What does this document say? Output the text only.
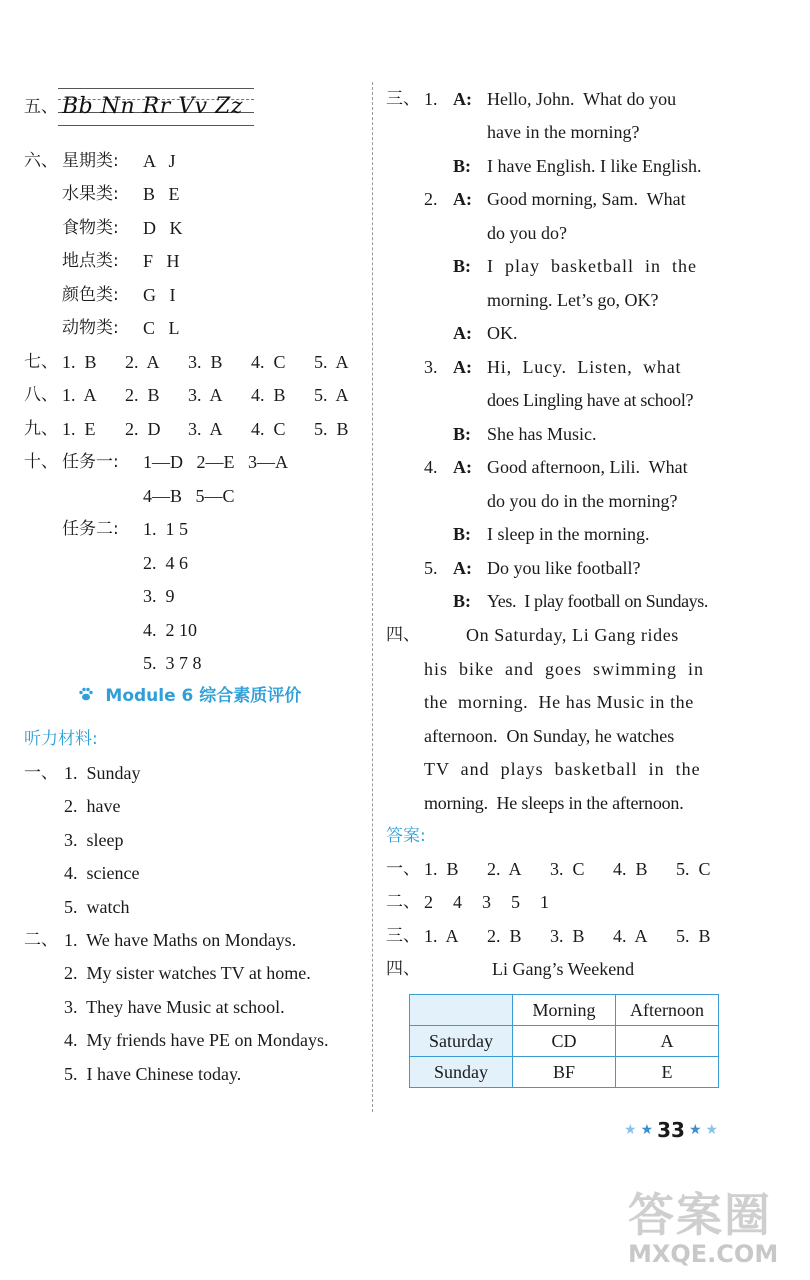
五、 Bb Nn Rr Vv Zz
六、 星期类: A   J
水果类: B   E
食物类: D   K
地点类: F   H
颜色类: G   I
动物类: C   L
七、 1.  B	2.  A	3.  B	4.  C	5.  A
八、 1.  A	2.  B	3.  A	4.  B	5.  A
九、 1.  E	2.  D	3.  A	4.  C	5.  B
十、 任务一: 1—D   2—E   3—A
4—B   5—C
任务二: 1.  1 5
2.  4 6
3.  9
4.  2 10
5.  3 7 8
Module 6 综合素质评价
听力材料:
一、 1.  Sunday
2.  have
3.  sleep
4.  science
5.  watch
二、 1.  We have Maths on Mondays.
2.  My sister watches TV at home.
3.  They have Music at school.
4.  My friends have PE on Mondays.
5.  I have Chinese today.
三、 1. A: Hello, John.  What do you
have in the morning?
B: I have English. I like English.
2. A: Good morning, Sam.  What
do you do?
B: I  play  basketball  in  the
morning. Let’s go, OK?
A: OK.
3. A: Hi,  Lucy.  Listen,  what
does Lingling have at school?
B: She has Music.
4. A: Good afternoon, Lili.  What
do you do in the morning?
B: I sleep in the morning.
5. A: Do you like football?
B: Yes.  I play football on Sundays.
四、	On Saturday, Li Gang rides
his  bike  and  goes  swimming  in
the  morning.  He has Music in the
afternoon.  On Sunday, he watches
TV  and  plays  basketball  in  the
morning.  He sleeps in the afternoon.
答案:
一、 1.  B	2.  A	3.  C	4.  B	5.  C
二、 2	4	3	5	1
三、 1.  A	2.  B	3.  B	4.  A	5.  B
四、	Li Gang’s Weekend
	Morning	Afternoon
Saturday	CD	A
Sunday	BF	E
★ ★ 33 ★ ★
答案圈
MXQE.COM
